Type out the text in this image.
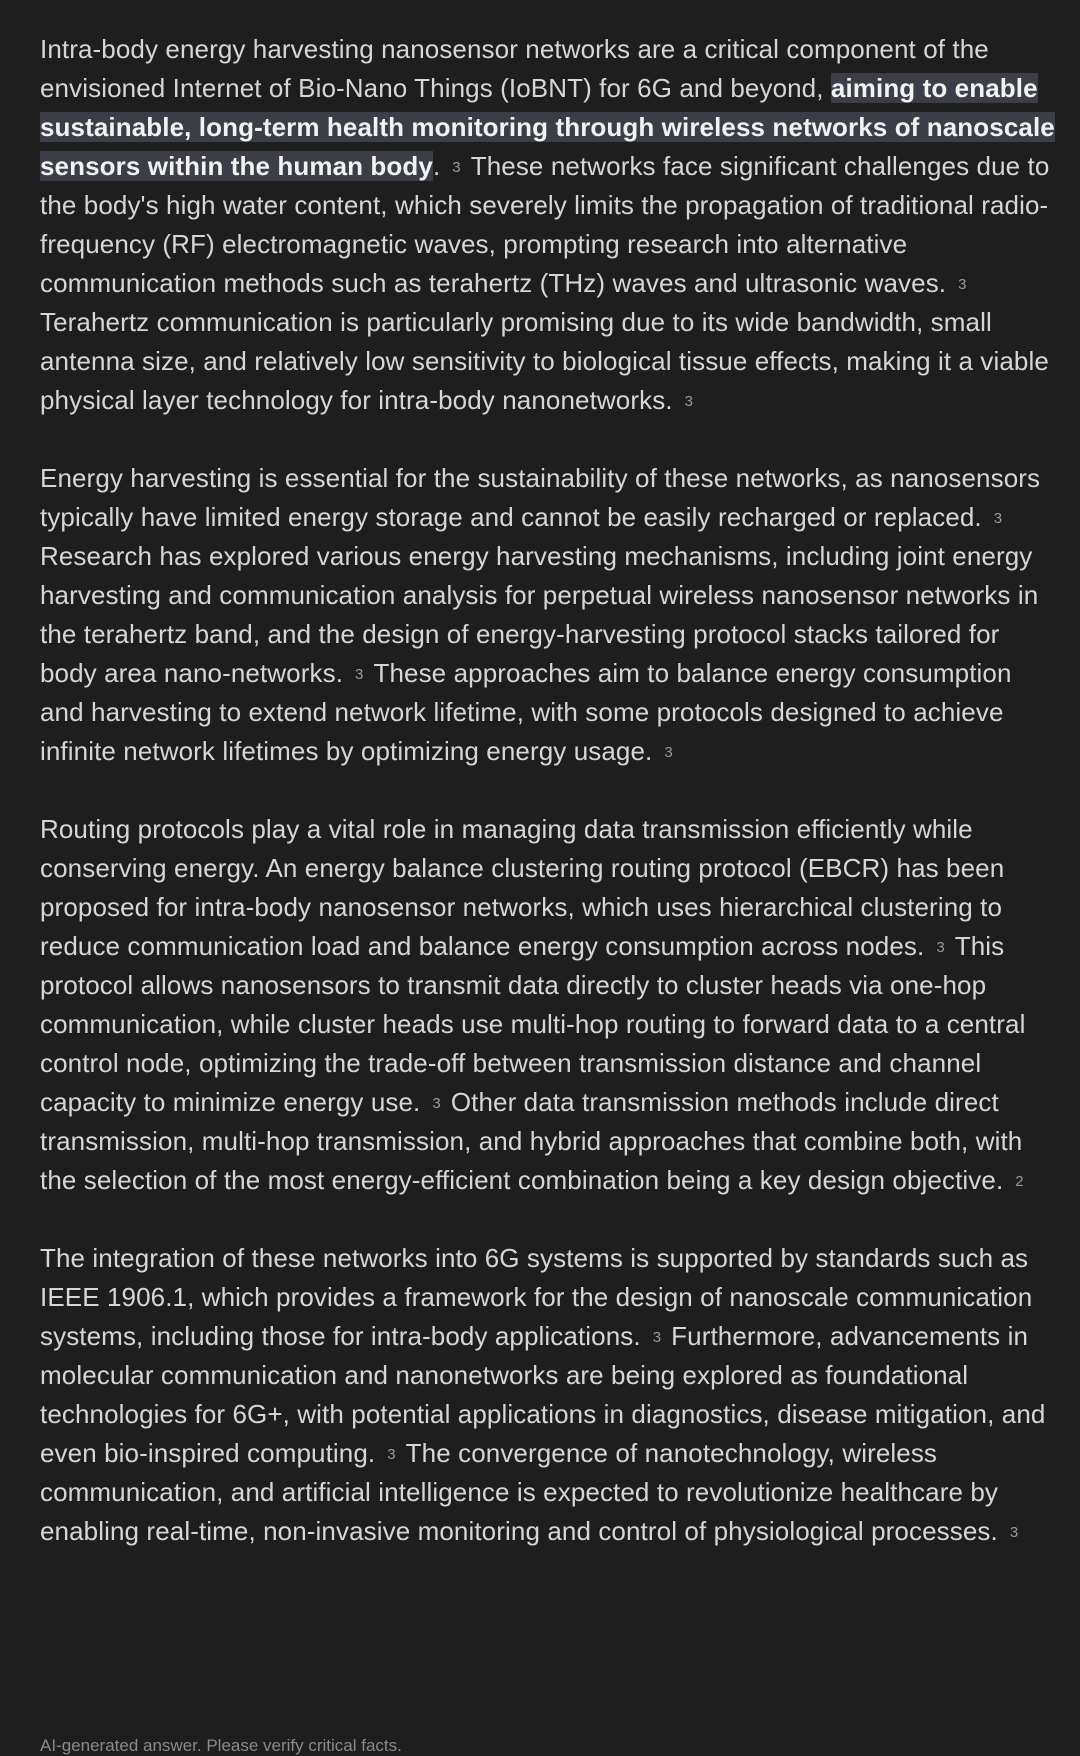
Intra-body energy harvesting nanosensor networks are a critical component of the envisioned Internet of Bio-Nano Things (IoBNT) for 6G and beyond, aiming to enable sustainable, long-term health monitoring through wireless networks of nanoscale sensors within the human body. 3 These networks face significant challenges due to the body's high water content, which severely limits the propagation of traditional radio-frequency (RF) electromagnetic waves, prompting research into alternative communication methods such as terahertz (THz) waves and ultrasonic waves. 3Terahertz communication is particularly promising due to its wide bandwidth, small antenna size, and relatively low sensitivity to biological tissue effects, making it a viable physical layer technology for intra-body nanonetworks. 3

Energy harvesting is essential for the sustainability of these networks, as nanosensors typically have limited energy storage and cannot be easily recharged or replaced. 3Research has explored various energy harvesting mechanisms, including joint energy harvesting and communication analysis for perpetual wireless nanosensor networks in the terahertz band, and the design of energy-harvesting protocol stacks tailored for body area nano-networks. 3 These approaches aim to balance energy consumption and harvesting to extend network lifetime, with some protocols designed to achieve infinite network lifetimes by optimizing energy usage. 3

Routing protocols play a vital role in managing data transmission efficiently while conserving energy. An energy balance clustering routing protocol (EBCR) has been proposed for intra-body nanosensor networks, which uses hierarchical clustering to reduce communication load and balance energy consumption across nodes. 3 This protocol allows nanosensors to transmit data directly to cluster heads via one-hop communication, while cluster heads use multi-hop routing to forward data to a central control node, optimizing the trade-off between transmission distance and channel capacity to minimize energy use. 3 Other data transmission methods include direct transmission, multi-hop transmission, and hybrid approaches that combine both, with the selection of the most energy-efficient combination being a key design objective. 2

The integration of these networks into 6G systems is supported by standards such as IEEE 1906.1, which provides a framework for the design of nanoscale communication systems, including those for intra-body applications. 3 Furthermore, advancements in molecular communication and nanonetworks are being explored as foundational technologies for 6G+, with potential applications in diagnostics, disease mitigation, and even bio-inspired computing. 3 The convergence of nanotechnology, wireless communication, and artificial intelligence is expected to revolutionize healthcare by enabling real-time, non-invasive monitoring and control of physiological processes. 3

AI-generated answer. Please verify critical facts.
